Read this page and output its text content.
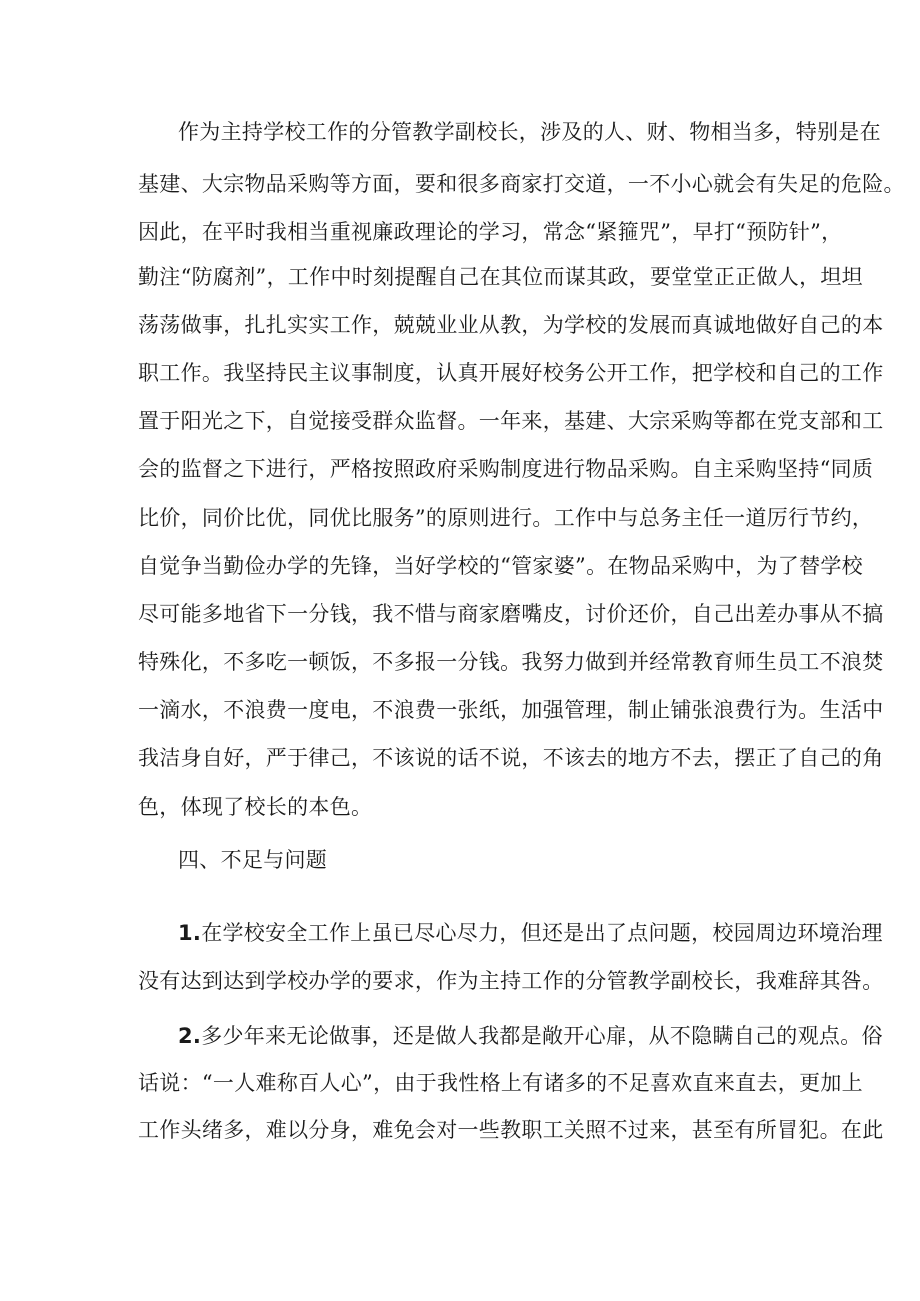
作为主持学校工作的分管教学副校长，涉及的人、财、物相当多，特别是在
基建、大宗物品采购等方面，要和很多商家打交道，一不小心就会有失足的危险。
因此，在平时我相当重视廉政理论的学习，常念“紧箍咒”，早打“预防针”，
勤注“防腐剂”，工作中时刻提醒自己在其位而谋其政，要堂堂正正做人，坦坦
荡荡做事，扎扎实实工作，兢兢业业从教，为学校的发展而真诚地做好自己的本
职工作。我坚持民主议事制度，认真开展好校务公开工作，把学校和自己的工作
置于阳光之下，自觉接受群众监督。一年来，基建、大宗采购等都在党支部和工
会的监督之下进行，严格按照政府采购制度进行物品采购。自主采购坚持“同质
比价，同价比优，同优比服务”的原则进行。工作中与总务主任一道厉行节约，
自觉争当勤俭办学的先锋，当好学校的“管家婆”。在物品采购中，为了替学校
尽可能多地省下一分钱，我不惜与商家磨嘴皮，讨价还价，自己出差办事从不搞
特殊化，不多吃一顿饭，不多报一分钱。我努力做到并经常教育师生员工不浪焚
一滴水，不浪费一度电，不浪费一张纸，加强管理，制止铺张浪费行为。生活中
我洁身自好，严于律己，不该说的话不说，不该去的地方不去，摆正了自己的角
色，体现了校长的本色。
四、不足与问题
1.在学校安全工作上虽已尽心尽力，但还是出了点问题，校园周边环境治理
没有达到达到学校办学的要求，作为主持工作的分管教学副校长，我难辞其咎。
2.多少年来无论做事，还是做人我都是敞开心扉，从不隐瞒自己的观点。俗
话说：“一人难称百人心”，由于我性格上有诸多的不足喜欢直来直去，更加上
工作头绪多，难以分身，难免会对一些教职工关照不过来，甚至有所冒犯。在此
